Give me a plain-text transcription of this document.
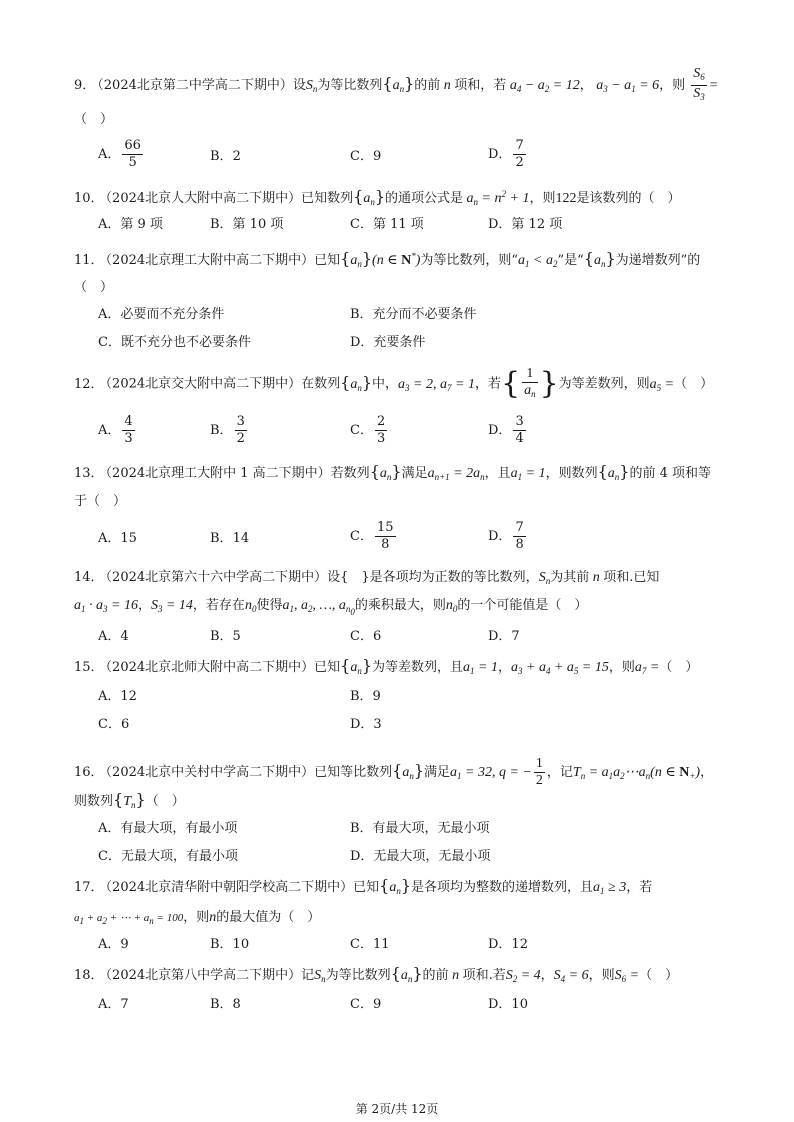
9． （2024北京第二中学高二下期中）设$S_n$为等比数列$\{a_n\}$的前 n 项和，若 $a_4 - a_2 = 12$， $a_3 - a_1 = 6$，则 $\frac{S_6}{S_3}$ =
（　）
A． $\frac{66}{5}$	B．2	C．9	D． $\frac{7}{2}$
10． （2024北京人大附中高二下期中）已知数列$\{a_n\}$的通项公式是 $a_n = n^2 + 1$，则122是该数列的（　）
A．第 9 项	B．第 10 项	C．第 11 项	D．第 12 项
11． （2024北京理工大附中高二下期中）已知$\{a_n\}(n$ ∈ N*)为等比数列，则“$a_1 < a_2$”是“$\{a_n\}$为递增数列”的
（　）
A．必要而不充分条件	B．充分而不必要条件
C．既不充分也不必要条件	D．充要条件
12． （2024北京交大附中高二下期中）在数列$\{a_n\}$中，$a_3 = 2$, $a_7 = 1$，若{ $\frac{1}{a_n}$ }为等差数列，则$a_5$ =（　）
A． $\frac{4}{3}$	B． $\frac{3}{2}$	C． $\frac{2}{3}$	D． $\frac{3}{4}$
13． （2024北京理工大附中 1 高二下期中）若数列$\{a_n\}$满足$a_{n+1} = 2a_n$，且$a_1 = 1$，则数列$\{a_n\}$的前 4 项和等
于（　）
A．15	B．14	C． $\frac{15}{8}$	D． $\frac{7}{8}$
14． （2024北京第六十六中学高二下期中）设{　}是各项均为正数的等比数列，$S_n$为其前 n 项和.已知
$a_1 \cdot a_3 = 16$，$S_3 = 14$，若存在$n_0$使得$a_1$, $a_2$, …, $a_{n_0}$的乘积最大，则$n_0$的一个可能值是（　）
A．4	B．5	C．6	D．7
15． （2024北京北师大附中高二下期中）已知$\{a_n\}$为等差数列，且$a_1 = 1$，$a_3 + a_4 + a_5 = 15$，则$a_7$ =（　）
A．12	B．9
C．6	D．3
16． （2024北京中关村中学高二下期中）已知等比数列$\{a_n\}$满足$a_1 = 32$, q = − $\frac{1}{2}$ ，记$T_n$ = $a_1a_2\cdots a_n(n$ ∈ $N_+$)，
则数列$\{T_n\}$（　）
A．有最大项，有最小项	B．有最大项，无最小项
C．无最大项，有最小项	D．无最大项，无最小项
17． （2024北京清华附中朝阳学校高二下期中）已知$\{a_n\}$是各项均为整数的递增数列，且$a_1 \ge 3$，若
$a_1 + a_2$ + ⋯ + $a_n = 100$，则n的最大值为（　）
A．9	B．10	C．11	D．12
18． （2024北京第八中学高二下期中）记$S_n$为等比数列$\{a_n\}$的前 n 项和.若$S_2 = 4$，$S_4 = 6$，则$S_6$ =（　）
A．7	B．8	C．9	D．10
第 2页/共 12页
